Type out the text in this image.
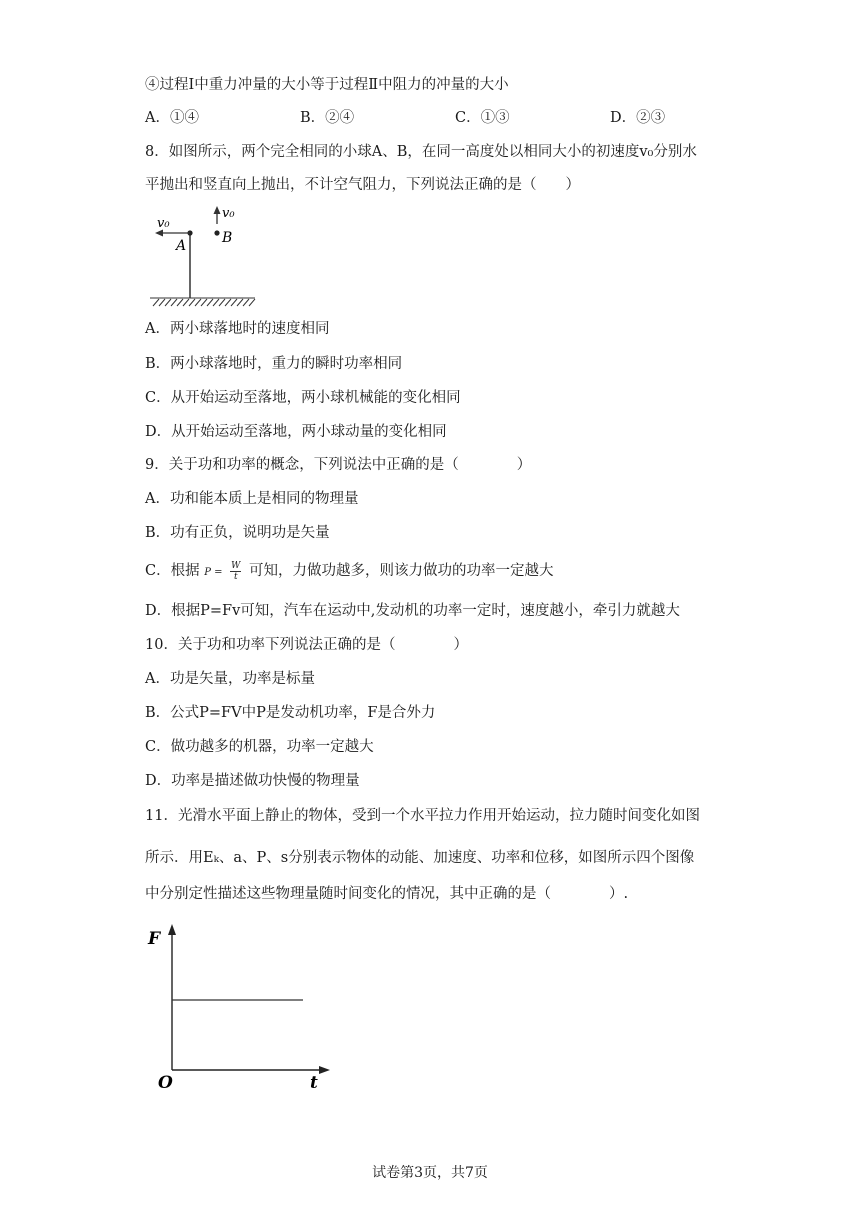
④过程Ⅰ中重力冲量的大小等于过程Ⅱ中阻力的冲量的大小
A．①④	B．②④	C．①③	D．②③
8．如图所示，两个完全相同的小球A、B，在同一高度处以相同大小的初速度v₀分别水
平抛出和竖直向上抛出，不计空气阻力，下列说法正确的是（　　）
v₀
A
v₀
B
A．两小球落地时的速度相同
B．两小球落地时，重力的瞬时功率相同
C．从开始运动至落地，两小球机械能的变化相同
D．从开始运动至落地，两小球动量的变化相同
9．关于功和功率的概念，下列说法中正确的是（　　　　）
A．功和能本质上是相同的物理量
B．功有正负，说明功是矢量
C．根据 $P = \frac{W}{t}$ 可知，力做功越多，则该力做功的功率一定越大
D．根据P=Fv可知，汽车在运动中,发动机的功率一定时，速度越小，牵引力就越大
10．关于功和功率下列说法正确的是（　　　　）
A．功是矢量，功率是标量
B．公式P=FV中P是发动机功率，F是合外力
C．做功越多的机器，功率一定越大
D．功率是描述做功快慢的物理量
11．光滑水平面上静止的物体，受到一个水平拉力作用开始运动，拉力随时间变化如图
所示．用Eₖ、a、P、s分别表示物体的动能、加速度、功率和位移，如图所示四个图像
中分别定性描述这些物理量随时间变化的情况，其中正确的是（　　　　）.
F
t
O
试卷第3页，共7页
